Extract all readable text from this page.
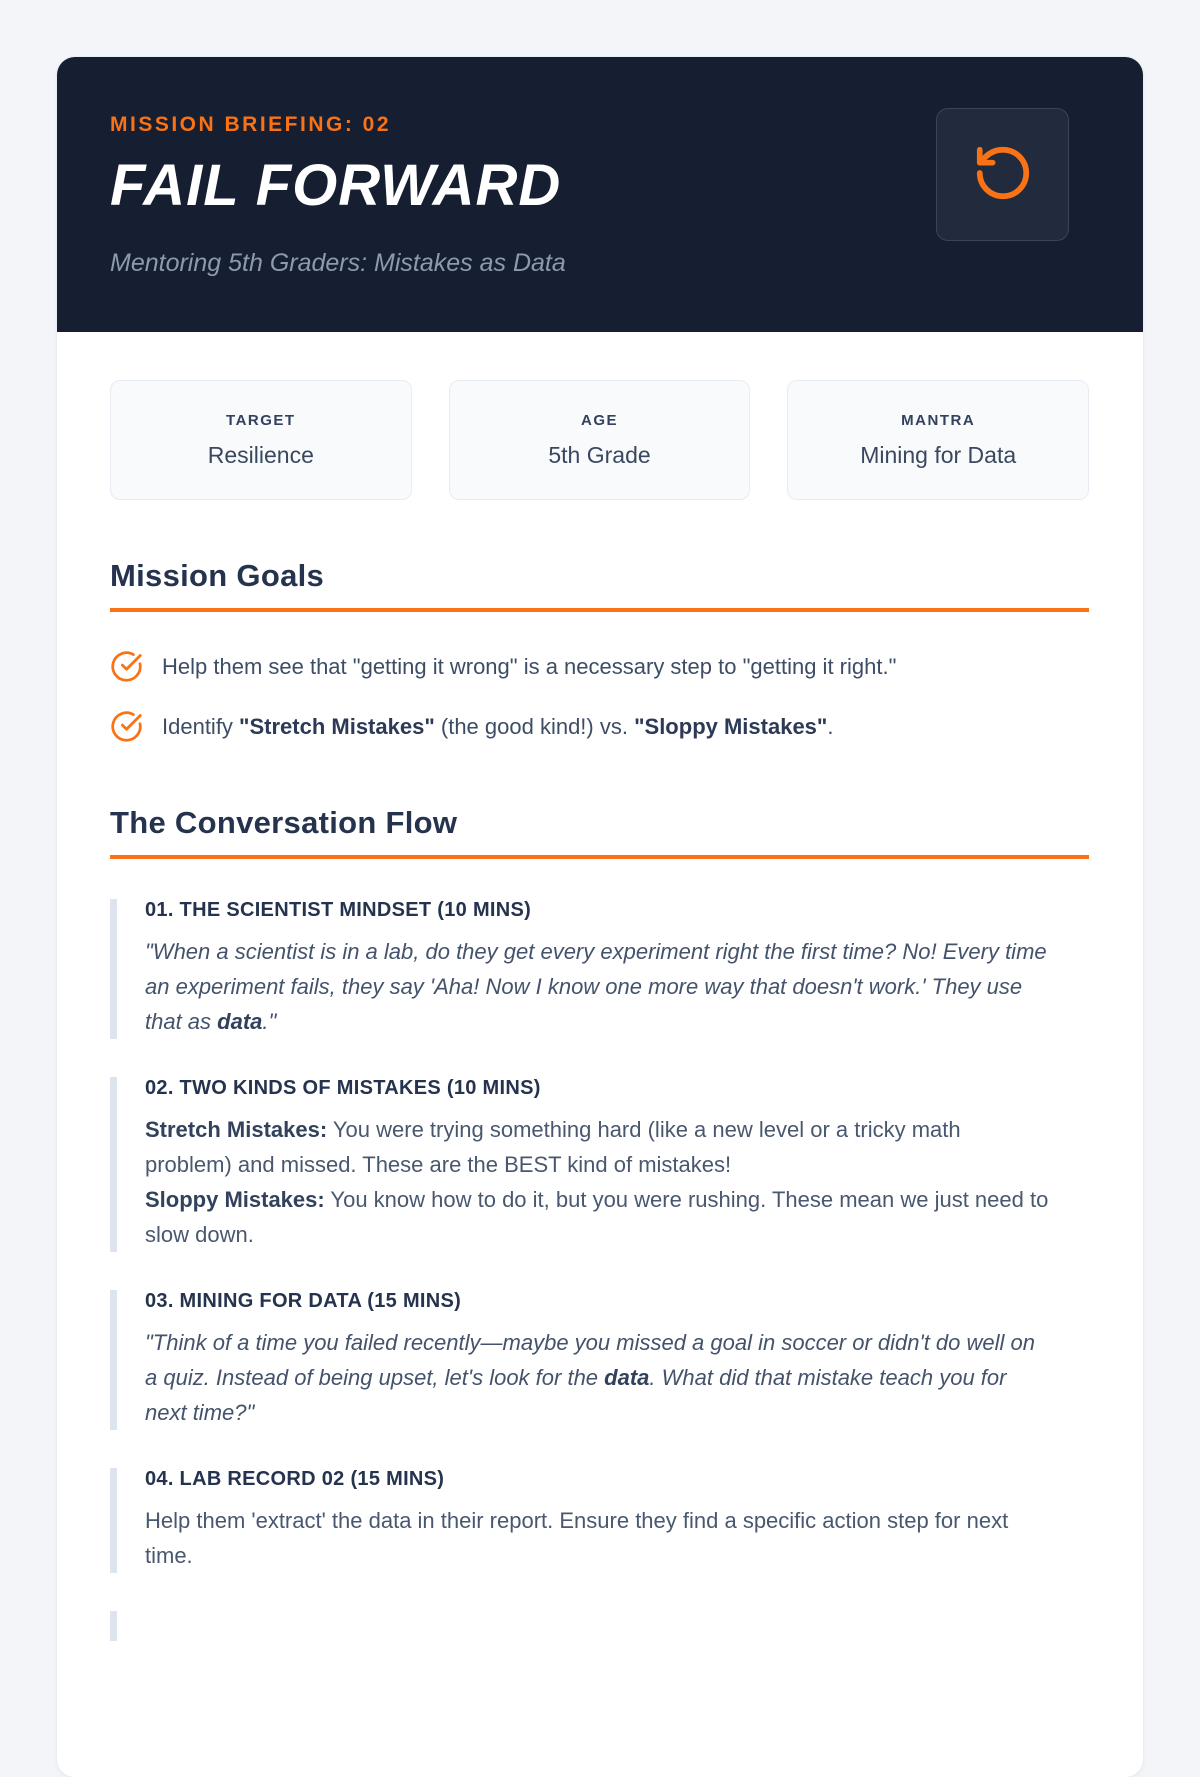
MISSION BRIEFING: 02
FAIL FORWARD
Mentoring 5th Graders: Mistakes as Data
TARGET
Resilience
AGE
5th Grade
MANTRA
Mining for Data
Mission Goals

Help them see that "getting it wrong" is a necessary step to "getting it right."

Identify "Stretch Mistakes" (the good kind!) vs. "Sloppy Mistakes".

The Conversation Flow
01. THE SCIENTIST MINDSET (10 MINS)

"When a scientist is in a lab, do they get every experiment right the first time? No! Every time an experiment fails, they say 'Aha! Now I know one more way that doesn't work.' They use that as data."

02. TWO KINDS OF MISTAKES (10 MINS)

Stretch Mistakes: You were trying something hard (like a new level or a tricky math problem) and missed. These are the BEST kind of mistakes!

Sloppy Mistakes: You know how to do it, but you were rushing. These mean we just need to slow down.

03. MINING FOR DATA (15 MINS)

"Think of a time you failed recently—maybe you missed a goal in soccer or didn't do well on a quiz. Instead of being upset, let's look for the data. What did that mistake teach you for next time?"

04. LAB RECORD 02 (15 MINS)

Help them 'extract' the data in their report. Ensure they find a specific action step for next time.
